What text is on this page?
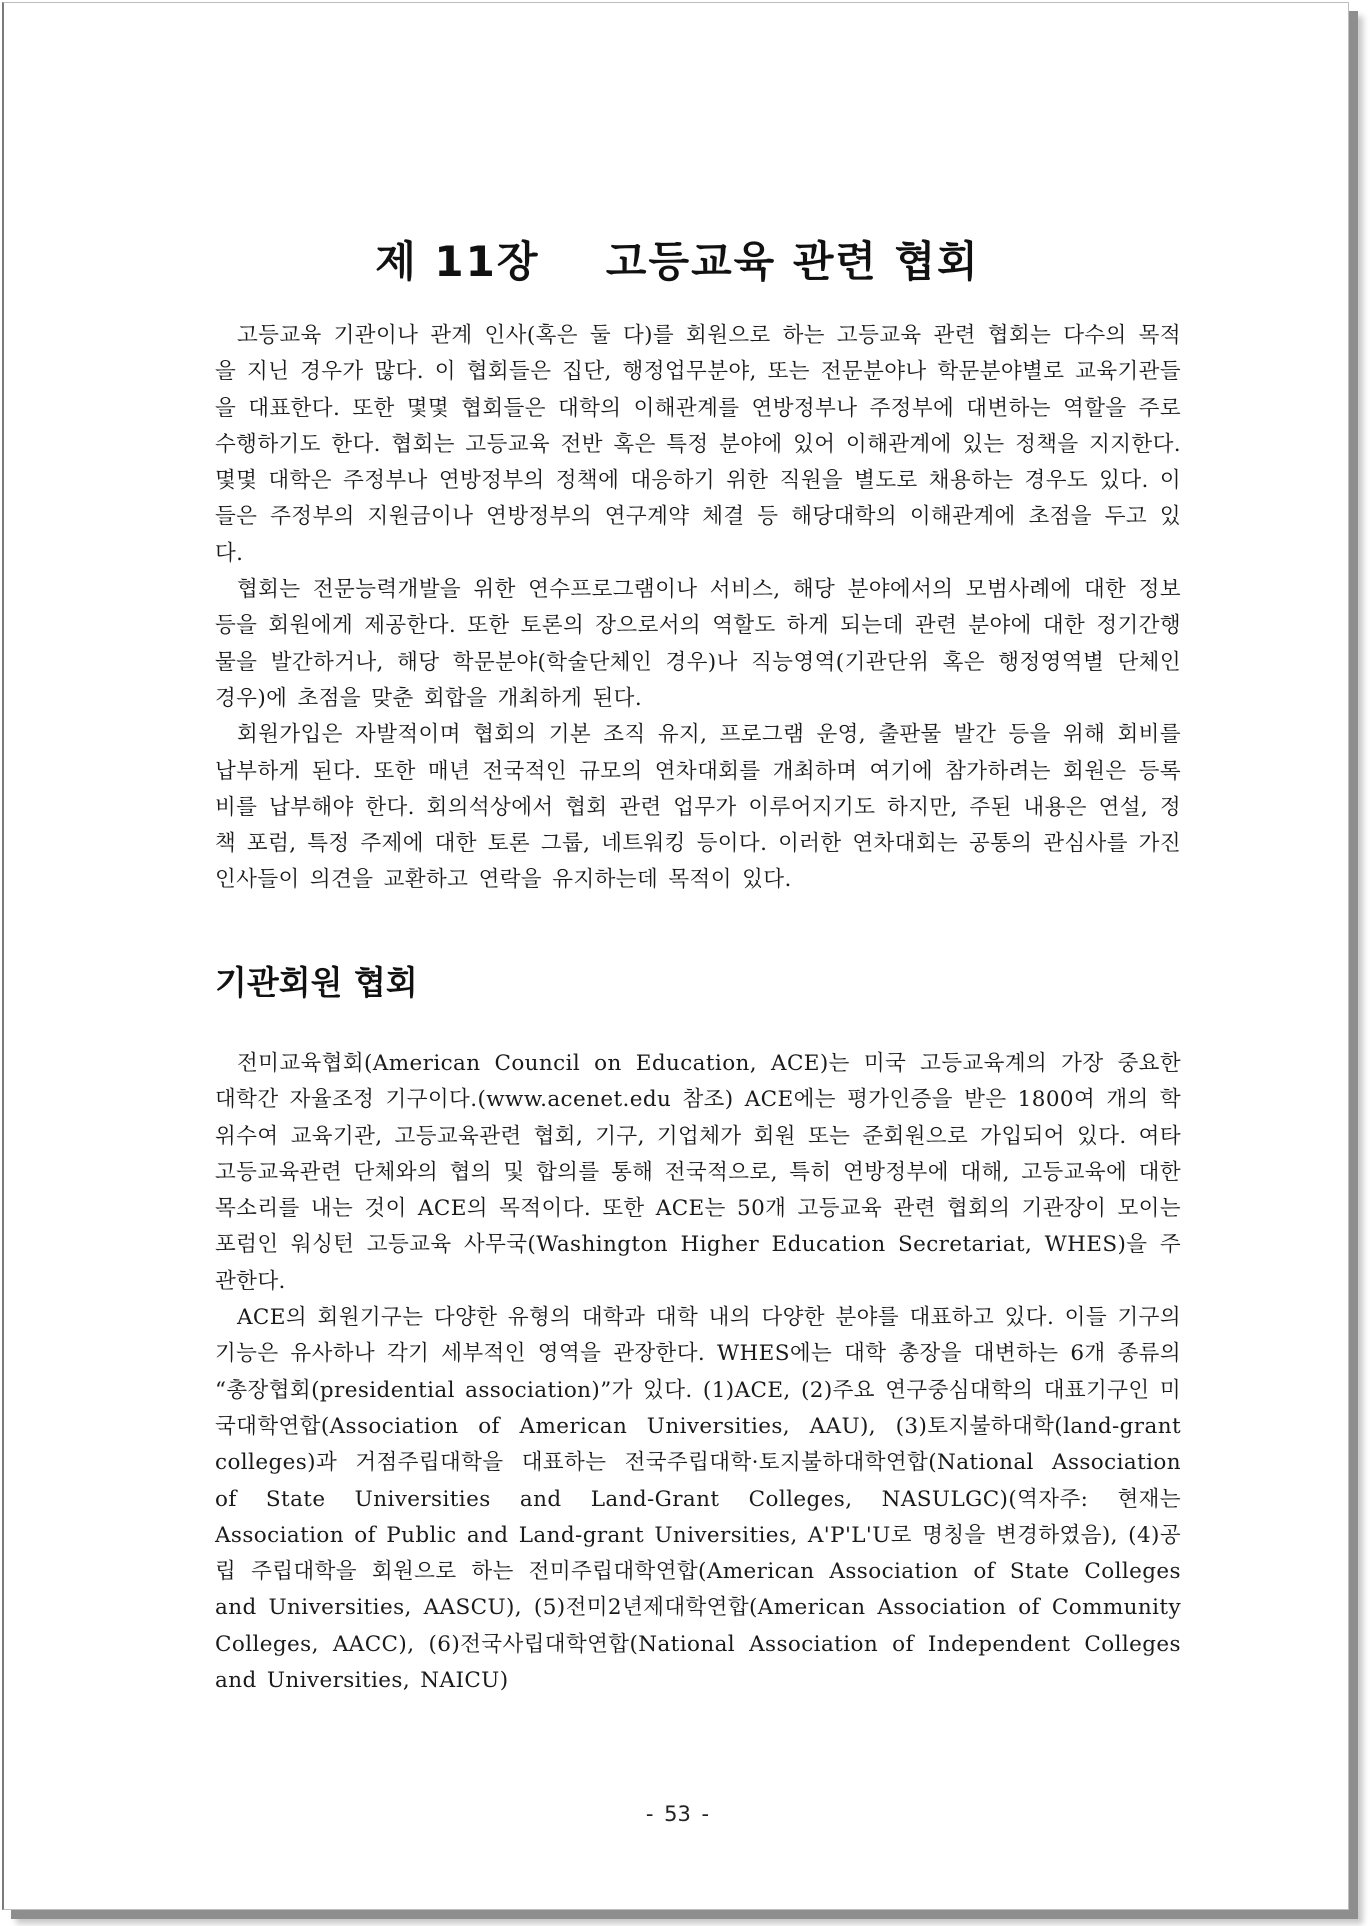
제 11장    고등교육 관련 협회

고등교육 기관이나 관계 인사(혹은 둘 다)를 회원으로 하는 고등교육 관련 협회는 다수의 목적을 지닌 경우가 많다. 이 협회들은 집단, 행정업무분야, 또는 전문분야나 학문분야별로 교육기관들을 대표한다. 또한 몇몇 협회들은 대학의 이해관계를 연방정부나 주정부에 대변하는 역할을 주로 수행하기도 한다. 협회는 고등교육 전반 혹은 특정 분야에 있어 이해관계에 있는 정책을 지지한다. 몇몇 대학은 주정부나 연방정부의 정책에 대응하기 위한 직원을 별도로 채용하는 경우도 있다. 이들은 주정부의 지원금이나 연방정부의 연구계약 체결 등 해당대학의 이해관계에 초점을 두고 있다.

협회는 전문능력개발을 위한 연수프로그램이나 서비스, 해당 분야에서의 모범사례에 대한 정보 등을 회원에게 제공한다. 또한 토론의 장으로서의 역할도 하게 되는데 관련 분야에 대한 정기간행물을 발간하거나, 해당 학문분야(학술단체인 경우)나 직능영역(기관단위 혹은 행정영역별 단체인 경우)에 초점을 맞춘 회합을 개최하게 된다.

회원가입은 자발적이며 협회의 기본 조직 유지, 프로그램 운영, 출판물 발간 등을 위해 회비를 납부하게 된다. 또한 매년 전국적인 규모의 연차대회를 개최하며 여기에 참가하려는 회원은 등록비를 납부해야 한다. 회의석상에서 협회 관련 업무가 이루어지기도 하지만, 주된 내용은 연설, 정책 포럼, 특정 주제에 대한 토론 그룹, 네트워킹 등이다. 이러한 연차대회는 공통의 관심사를 가진 인사들이 의견을 교환하고 연락을 유지하는데 목적이 있다.

기관회원 협회

전미교육협회(American Council on Education, ACE)는 미국 고등교육계의 가장 중요한 대학간 자율조정 기구이다.(www.acenet.edu 참조) ACE에는 평가인증을 받은 1800여 개의 학위수여 교육기관, 고등교육관련 협회, 기구, 기업체가 회원 또는 준회원으로 가입되어 있다. 여타 고등교육관련 단체와의 협의 및 합의를 통해 전국적으로, 특히 연방정부에 대해, 고등교육에 대한 목소리를 내는 것이 ACE의 목적이다. 또한 ACE는 50개 고등교육 관련 협회의 기관장이 모이는 포럼인 워싱턴 고등교육 사무국(Washington Higher Education Secretariat, WHES)을 주관한다.

ACE의 회원기구는 다양한 유형의 대학과 대학 내의 다양한 분야를 대표하고 있다. 이들 기구의 기능은 유사하나 각기 세부적인 영역을 관장한다. WHES에는 대학 총장을 대변하는 6개 종류의 “총장협회(presidential association)”가 있다. (1)ACE, (2)주요 연구중심대학의 대표기구인 미국대학연합(Association of American Universities, AAU), (3)토지불하대학(land-grant colleges)과 거점주립대학을 대표하는 전국주립대학·토지불하대학연합(National Association of State Universities and Land-Grant Colleges, NASULGC)(역자주: 현재는 Association of Public and Land-grant Universities, A'P'L'U로 명칭을 변경하였음), (4)공립 주립대학을 회원으로 하는 전미주립대학연합(American Association of State Colleges and Universities, AASCU), (5)전미2년제대학연합(American Association of Community Colleges, AACC), (6)전국사립대학연합(National Association of Independent Colleges and Universities, NAICU)

- 53 -
